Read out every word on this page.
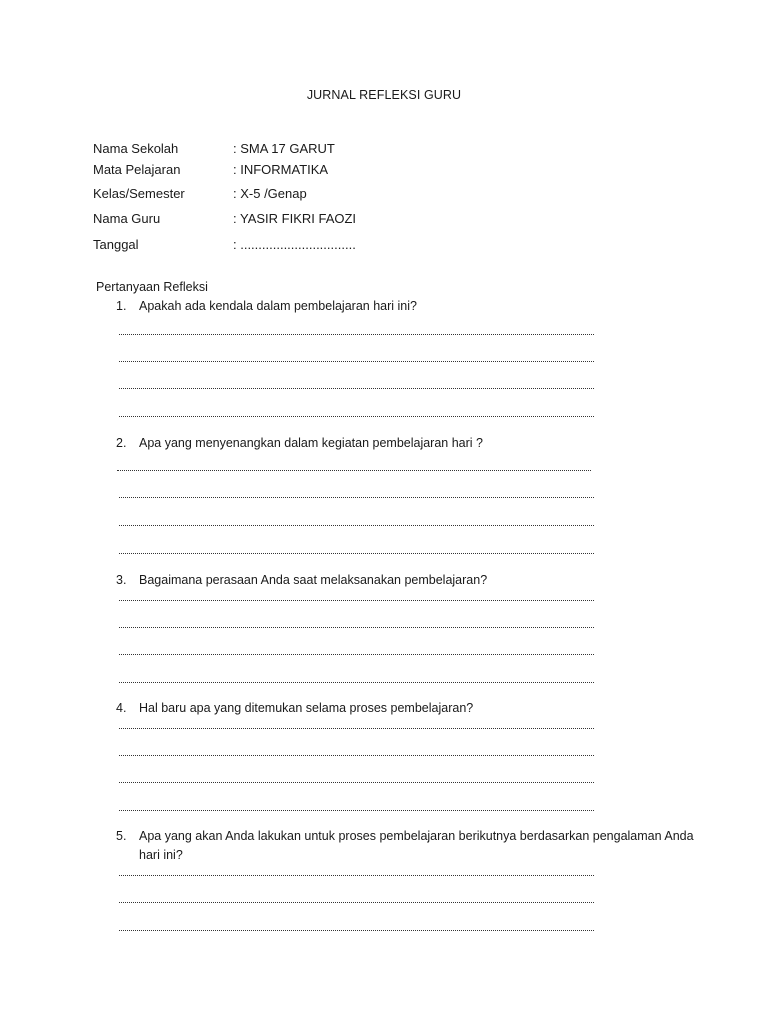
JURNAL REFLEKSI GURU
Nama Sekolah	: SMA 17 GARUT
Mata Pelajaran	: INFORMATIKA
Kelas/Semester	: X-5 /Genap
Nama Guru	: YASIR FIKRI FAOZI
Tanggal	: ................................
Pertanyaan Refleksi
1.	Apakah ada kendala dalam pembelajaran hari ini?
2.	Apa yang menyenangkan dalam kegiatan pembelajaran hari ?
3.	Bagaimana perasaan Anda saat melaksanakan pembelajaran?
4.	Hal baru apa yang ditemukan selama proses pembelajaran?
5.	Apa yang akan Anda lakukan untuk proses pembelajaran berikutnya berdasarkan pengalaman Anda hari ini?
